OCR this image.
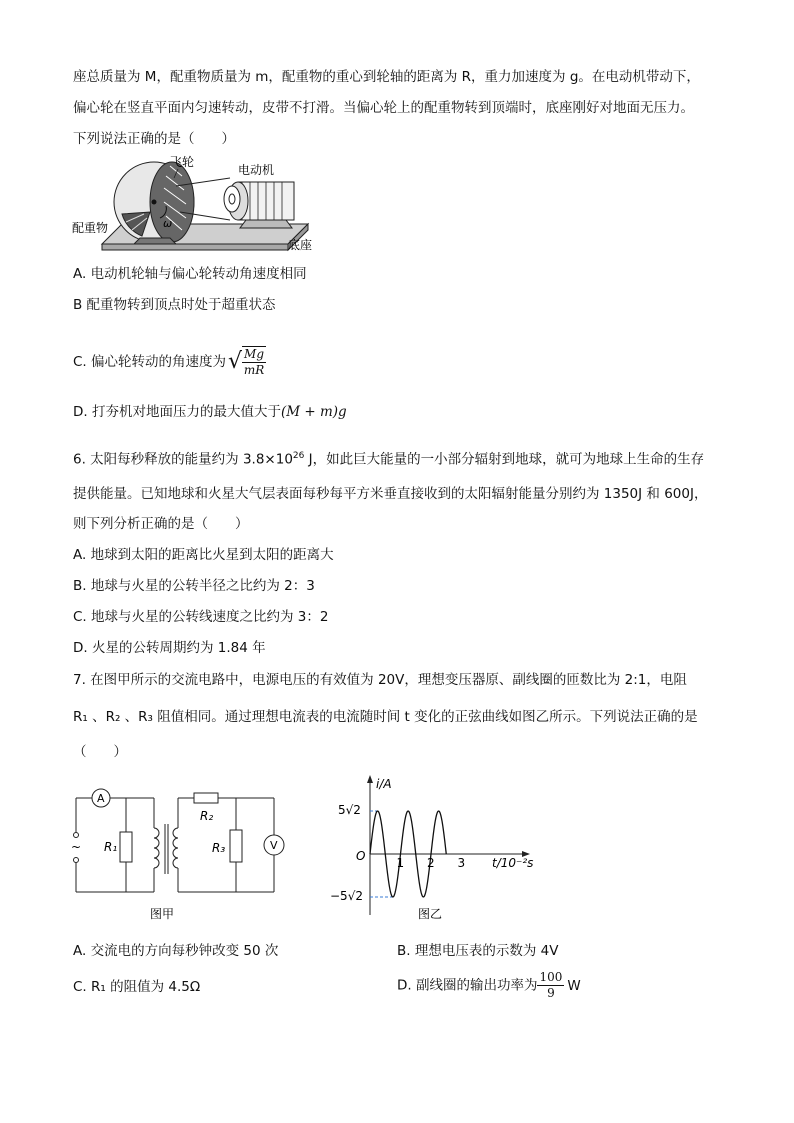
座总质量为 M，配重物质量为 m，配重物的重心到轮轴的距离为 R，重力加速度为 g。在电动机带动下，
偏心轮在竖直平面内匀速转动，皮带不打滑。当偏心轮上的配重物转到顶端时，底座刚好对地面无压力。
下列说法正确的是（　　）
ω
飞轮
电动机
配重物
底座
A. 电动机轮轴与偏心轮转动角速度相同
B 配重物转到顶点时处于超重状态
C. 偏心轮转动的角速度为√ $\frac{Mg}{mR}$
D. 打夯机对地面压力的最大值大于(M + m)g
6. 太阳每秒释放的能量约为 $3.8\times 10^{26}$ J，如此巨大能量的一小部分辐射到地球，就可为地球上生命的生存
提供能量。已知地球和火星大气层表面每秒每平方米垂直接收到的太阳辐射能量分别约为 1350J 和 600J，
则下列分析正确的是（　　）
A. 地球到太阳的距离比火星到太阳的距离大
B. 地球与火星的公转半径之比约为 2：3
C. 地球与火星的公转线速度之比约为 3：2
D. 火星的公转周期约为 1.84 年
7. 在图甲所示的交流电路中，电源电压的有效值为 20V，理想变压器原、副线圈的匝数比为 2:1，电阻
R₁ 、R₂ 、R₃ 阻值相同。通过理想电流表的电流随时间 t 变化的正弦曲线如图乙所示。下列说法正确的是
（　　）
~
A
V
R₁
R₂
R₃
图甲
i/A
t/10⁻²s
O
5√2
−5√2
1 2 3
图乙
A. 交流电的方向每秒钟改变 50 次	B. 理想电压表的示数为 4V
C. R₁ 的阻值为 4.5Ω	D. 副线圈的输出功率为 $\frac{100}{9}$ W
